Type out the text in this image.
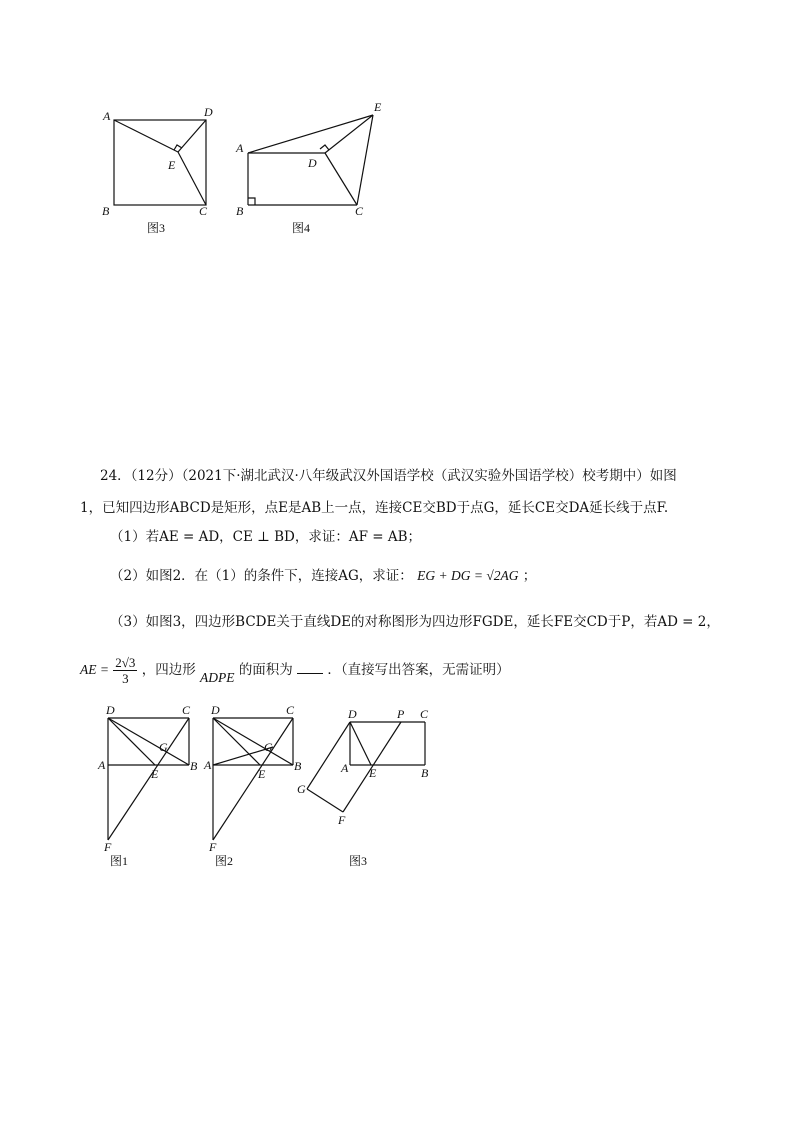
A	D
B	C
E
图3
A
D
B	C
E
图4
24．（12分）（2021下·湖北武汉·八年级武汉外国语学校（武汉实验外国语学校）校考期中）如图
1，已知四边形ABCD是矩形，点E是AB上一点，连接CE交BD于点G，延长CE交DA延长线于点F.
（1）若AE = AD，CE ⊥ BD，求证：AF = AB；
（2）如图2．在（1）的条件下，连接AG，求证： EG + DG = √2AG ；
（3）如图3，四边形BCDE关于直线DE的对称图形为四边形FGDE，延长FE交CD于P，若AD = 2，
AE = $\frac{2√3}{3}$ ，四边形 ADPE 的面积为	．（直接写出答案，无需证明）
D	C
G
A
E
B
F
图1
D	C
G
A
E
B
F
图2
D	P C
A E	B
G
F
图3
